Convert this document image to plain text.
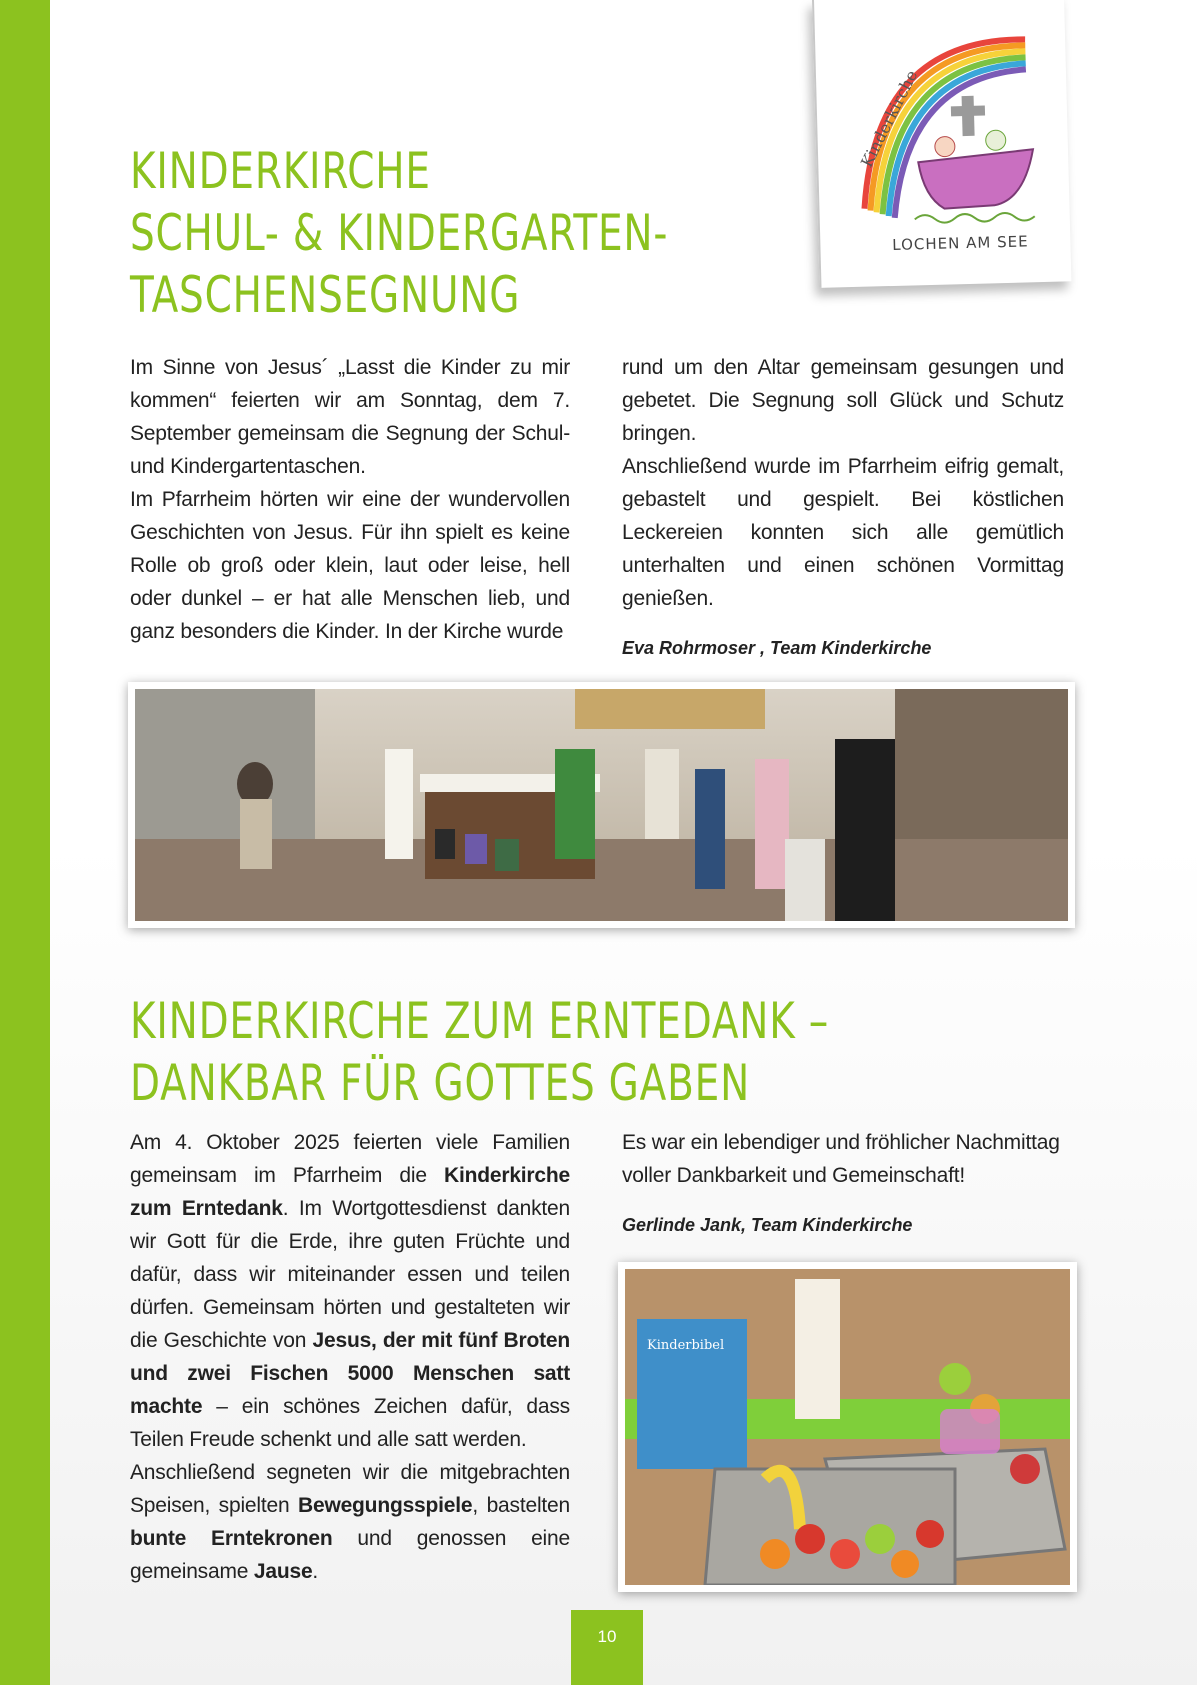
Kinderkirche
LOCHEN AM SEE
KINDERKIRCHE
SCHUL- & KINDERGARTEN-
TASCHENSEGNUNG

Im Sinne von Jesus´ „Lasst die Kinder zu mir kommen“ feierten wir am Sonntag, dem 7. September gemeinsam die Segnung der Schul- und Kindergartentaschen.

Im Pfarrheim hörten wir eine der wundervollen Geschichten von Jesus. Für ihn spielt es keine Rolle ob groß oder klein, laut oder leise, hell oder dunkel – er hat alle Menschen lieb, und ganz besonders die Kinder. In der Kirche wurde

rund um den Altar gemeinsam gesungen und gebetet. Die Segnung soll Glück und Schutz bringen.

Anschließend wurde im Pfarrheim eifrig gemalt, gebastelt und gespielt. Bei köstlichen Leckereien konnten sich alle gemütlich unterhalten und einen schönen Vormittag genießen.

Eva Rohrmoser , Team Kinderkirche

KINDERKIRCHE ZUM ERNTEDANK –
DANKBAR FÜR GOTTES GABEN

Am 4. Oktober 2025 feierten viele Familien gemeinsam im Pfarrheim die Kinderkirche zum Erntedank. Im Wortgottesdienst dankten wir Gott für die Erde, ihre guten Früchte und dafür, dass wir miteinander essen und teilen dürfen. Gemeinsam hörten und gestalteten wir die Geschichte von Jesus, der mit fünf Broten und zwei Fischen 5000 Menschen satt machte – ein schönes Zeichen dafür, dass Teilen Freude schenkt und alle satt werden.

Anschließend segneten wir die mitgebrachten Speisen, spielten Bewegungsspiele, bastelten bunte Erntekronen und genossen eine gemeinsame Jause.

Es war ein lebendiger und fröhlicher Nachmittag voller Dankbarkeit und Gemeinschaft!

Gerlinde Jank, Team Kinderkirche

Kinderbibel
10
